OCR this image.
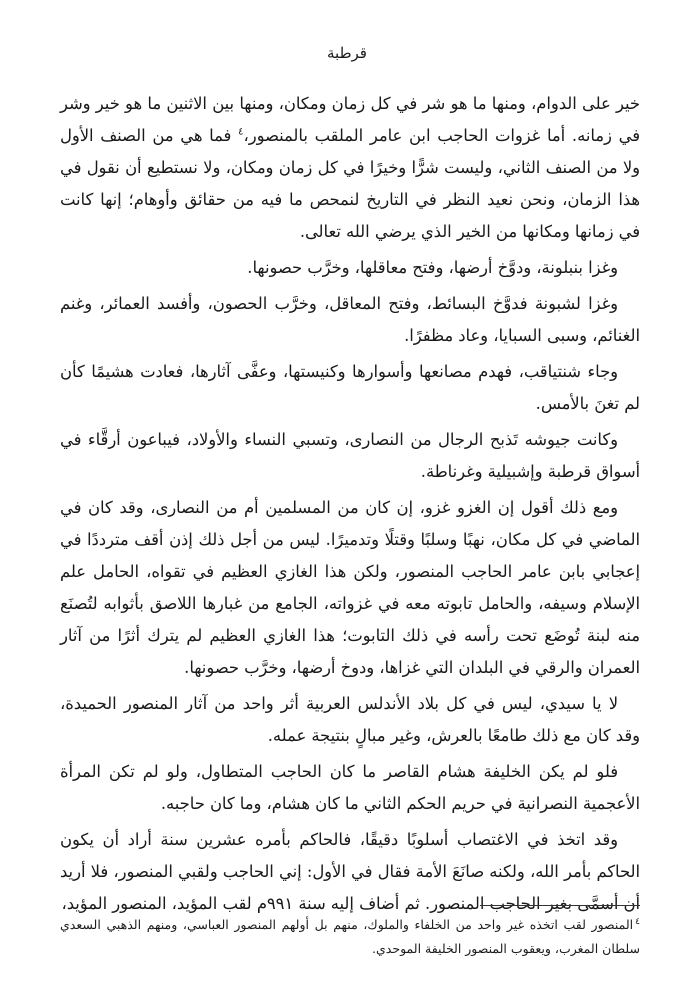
قرطبة

خير على الدوام، ومنها ما هو شر في كل زمان ومكان، ومنها بين الاثنين ما هو خير وشر في زمانه. أما غزوات الحاجب ابن عامر الملقب بالمنصور،$^٤$ فما هي من الصنف الأول ولا من الصنف الثاني، وليست شرًّا وخيرًا في كل زمان ومكان، ولا نستطيع أن نقول في هذا الزمان، ونحن نعيد النظر في التاريخ لنمحص ما فيه من حقائق وأوهام؛ إنها كانت في زمانها ومكانها من الخير الذي يرضي الله تعالى.

وغزا بنبلونة، ودوَّخ أرضها، وفتح معاقلها، وخرَّب حصونها.

وغزا لشبونة فدوَّخ البسائط، وفتح المعاقل، وخرَّب الحصون، وأفسد العمائر، وغنم الغنائم، وسبى السبايا، وعاد مظفرًا.

وجاء شنتياقب، فهدم مصانعها وأسوارها وكنيستها، وعفَّى آثارها، فعادت هشيمًا كأن لم تغنَ بالأمس.

وكانت جيوشه تَذبح الرجال من النصارى، وتسبي النساء والأولاد، فيباعون أرقَّاء في أسواق قرطبة وإشبيلية وغرناطة.

ومع ذلك أقول إن الغزو غزو، إن كان من المسلمين أم من النصارى، وقد كان في الماضي في كل مكان، نهبًا وسلبًا وقتلًا وتدميرًا. ليس من أجل ذلك إذن أقف مترددًا في إعجابي بابن عامر الحاجب المنصور، ولكن هذا الغازي العظيم في تقواه، الحامل علم الإسلام وسيفه، والحامل تابوته معه في غزواته، الجامع من غبارها اللاصق بأثوابه لتُصنَع منه لبنة تُوضَع تحت رأسه في ذلك التابوت؛ هذا الغازي العظيم لم يترك أثرًا من آثار العمران والرقي في البلدان التي غزاها، ودوخ أرضها، وخرَّب حصونها.

لا يا سيدي، ليس في كل بلاد الأندلس العربية أثر واحد من آثار المنصور الحميدة، وقد كان مع ذلك طامعًا بالعرش، وغير مبالٍ بنتيجة عمله.

فلو لم يكن الخليفة هشام القاصر ما كان الحاجب المتطاول، ولو لم تكن المرأة الأعجمية النصرانية في حريم الحكم الثاني ما كان هشام، وما كان حاجبه.

وقد اتخذ في الاغتصاب أسلوبًا دقيقًا، فالحاكم بأمره عشرين سنة أراد أن يكون الحاكم بأمر الله، ولكنه صانَعَ الأمة فقال في الأول: إني الحاجب ولقبي المنصور، فلا أريد أن أسمَّى بغير الحاجب المنصور. ثم أضاف إليه سنة ٩٩١م لقب المؤيد، المنصور المؤيد،

$^٤$المنصور لقب اتخذه غير واحد من الخلفاء والملوك، منهم بل أولهم المنصور العباسي، ومنهم الذهبي السعدي سلطان المغرب، ويعقوب المنصور الخليفة الموحدي.
